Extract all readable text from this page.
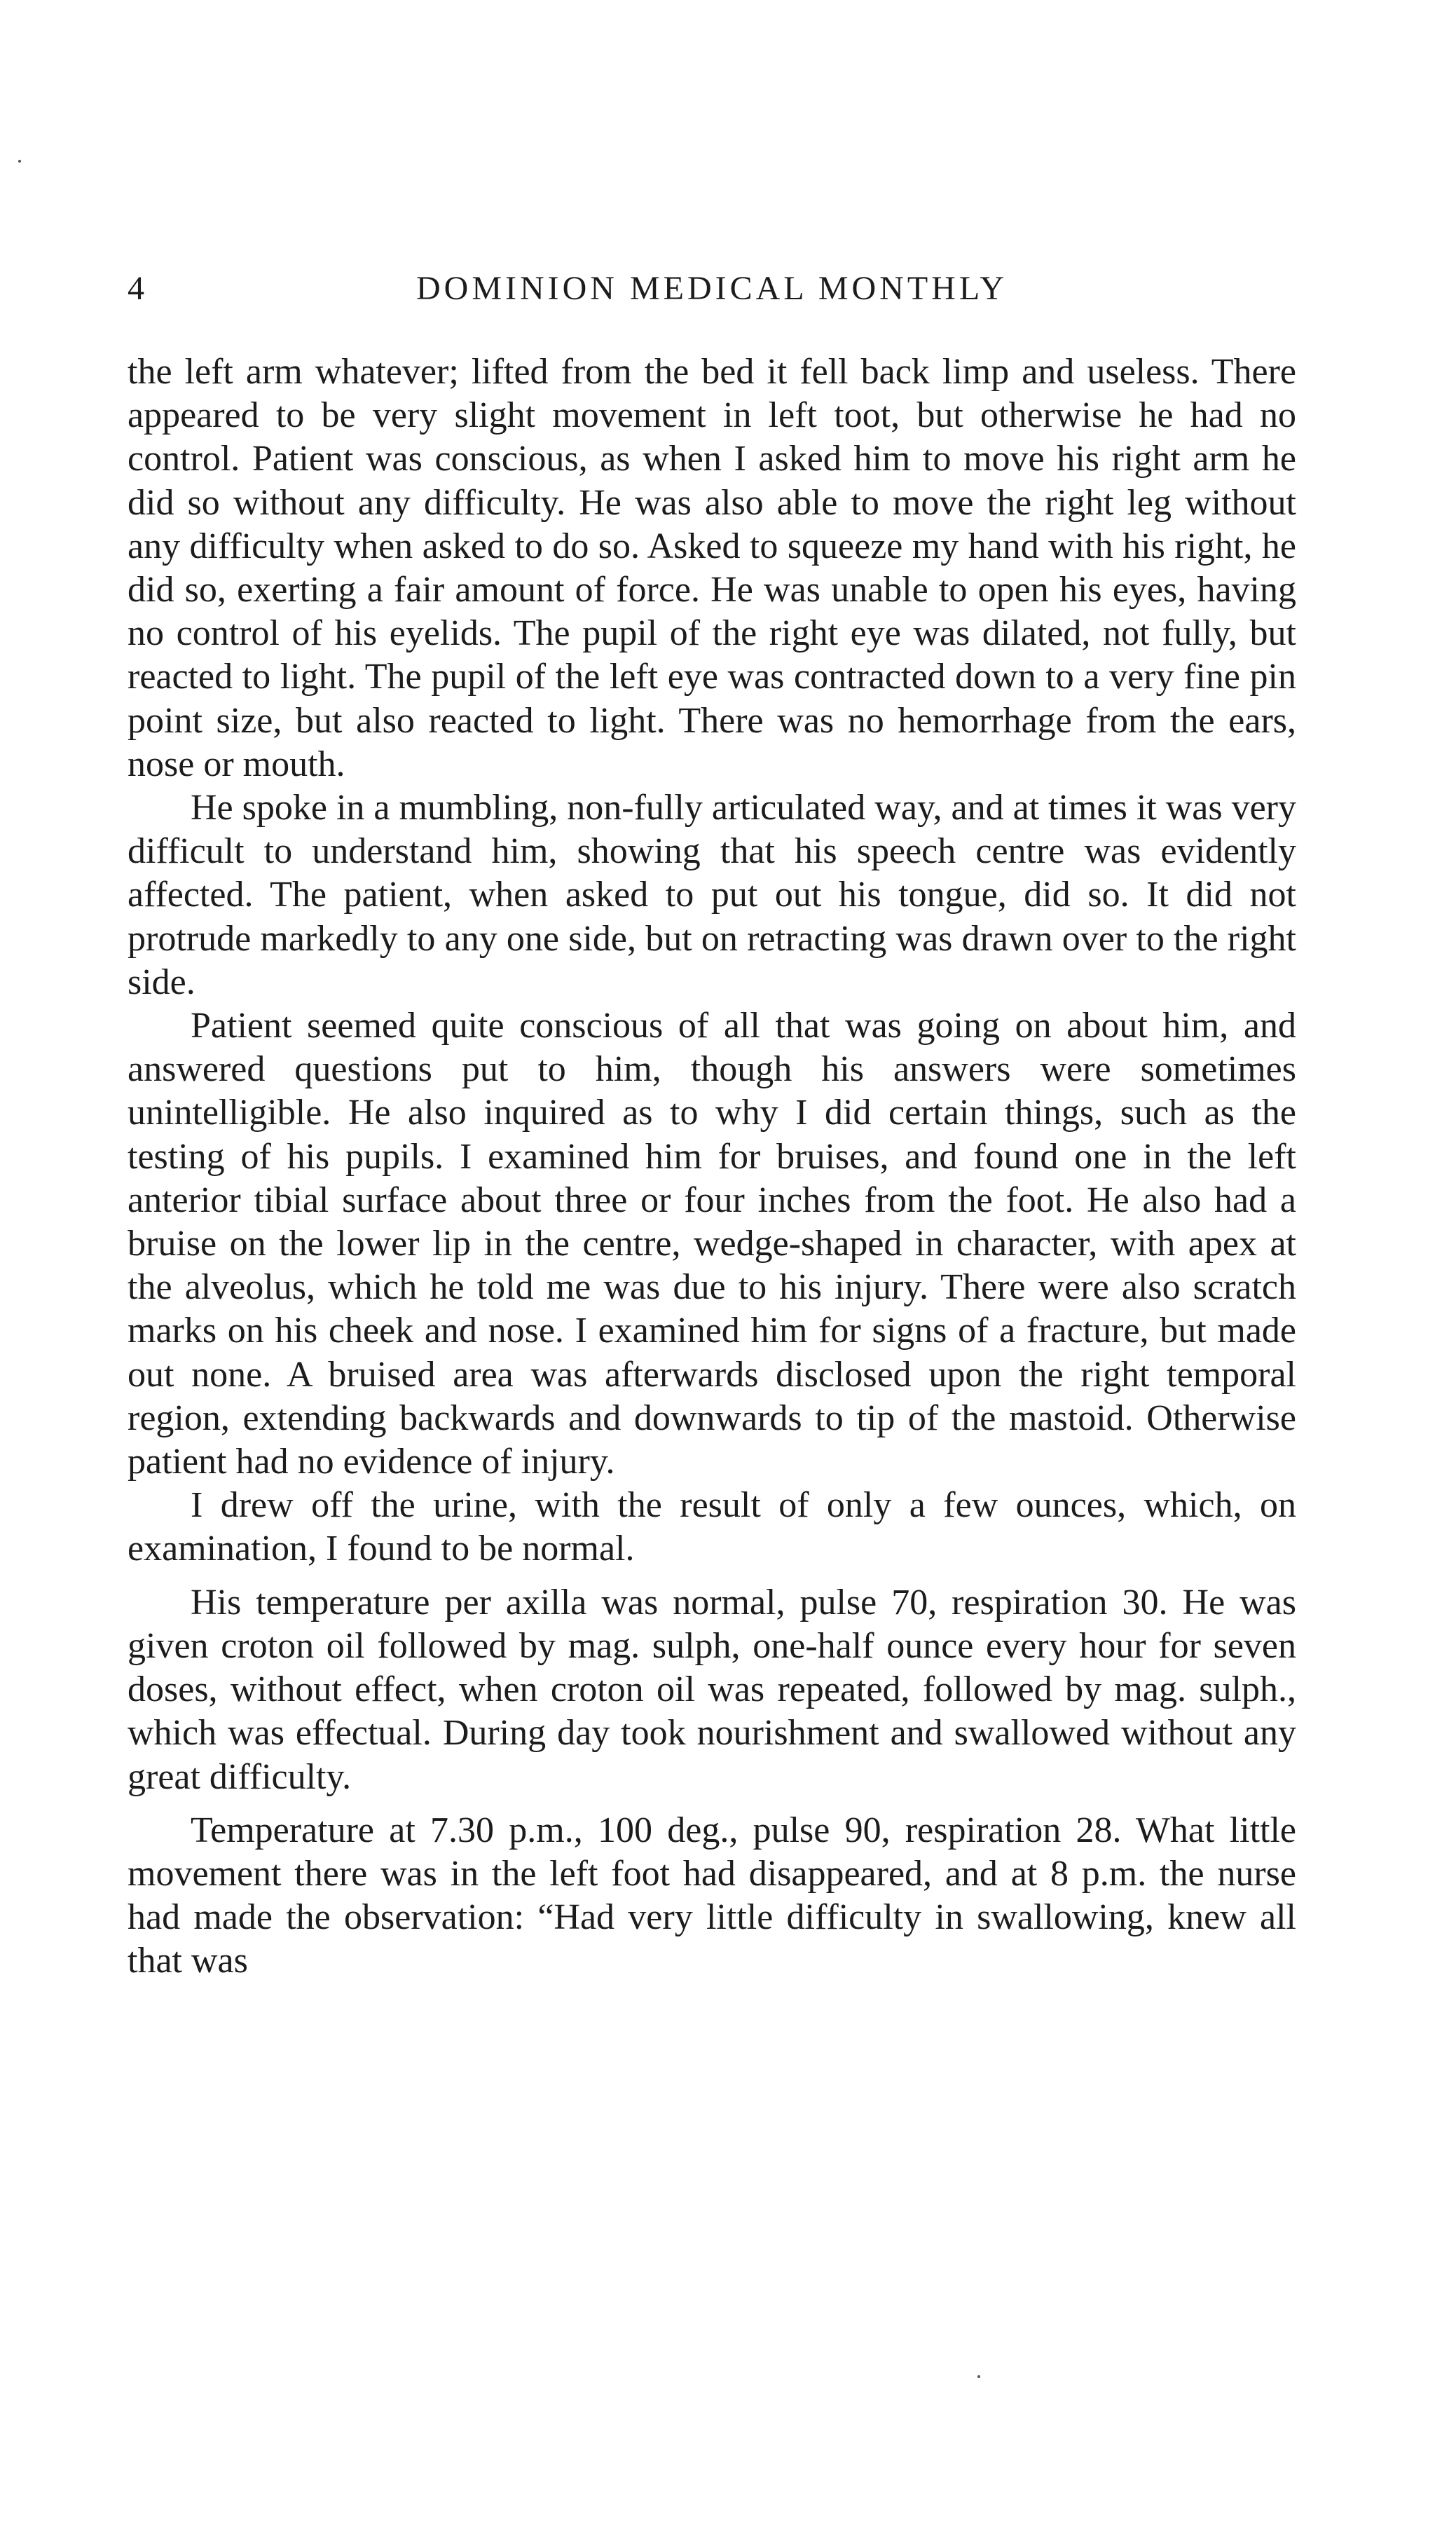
4	DOMINION MEDICAL MONTHLY

the left arm whatever; lifted from the bed it fell back limp and useless. There appeared to be very slight movement in left toot, but otherwise he had no control. Patient was conscious, as when I asked him to move his right arm he did so without any difficulty. He was also able to move the right leg without any difficulty when asked to do so. Asked to squeeze my hand with his right, he did so, exerting a fair amount of force. He was unable to open his eyes, having no control of his eyelids. The pupil of the right eye was dilated, not fully, but reacted to light. The pupil of the left eye was contracted down to a very fine pin point size, but also reacted to light. There was no hemorrhage from the ears, nose or mouth.

He spoke in a mumbling, non-fully articulated way, and at times it was very difficult to understand him, showing that his speech centre was evidently affected. The patient, when asked to put out his tongue, did so. It did not protrude markedly to any one side, but on retracting was drawn over to the right side.

Patient seemed quite conscious of all that was going on about him, and answered questions put to him, though his answers were sometimes unintelligible. He also inquired as to why I did certain things, such as the testing of his pupils. I examined him for bruises, and found one in the left anterior tibial surface about three or four inches from the foot. He also had a bruise on the lower lip in the centre, wedge-shaped in character, with apex at the alveolus, which he told me was due to his injury. There were also scratch marks on his cheek and nose. I examined him for signs of a fracture, but made out none. A bruised area was afterwards disclosed upon the right temporal region, extending backwards and downwards to tip of the mastoid. Otherwise patient had no evidence of injury.

I drew off the urine, with the result of only a few ounces, which, on examination, I found to be normal.

His temperature per axilla was normal, pulse 70, respiration 30. He was given croton oil followed by mag. sulph, one-half ounce every hour for seven doses, without effect, when croton oil was repeated, followed by mag. sulph., which was effectual. During day took nourishment and swallowed without any great difficulty.

Temperature at 7.30 p.m., 100 deg., pulse 90, respiration 28. What little movement there was in the left foot had disappeared, and at 8 p.m. the nurse had made the observation: “Had very little difficulty in swallowing, knew all that was
